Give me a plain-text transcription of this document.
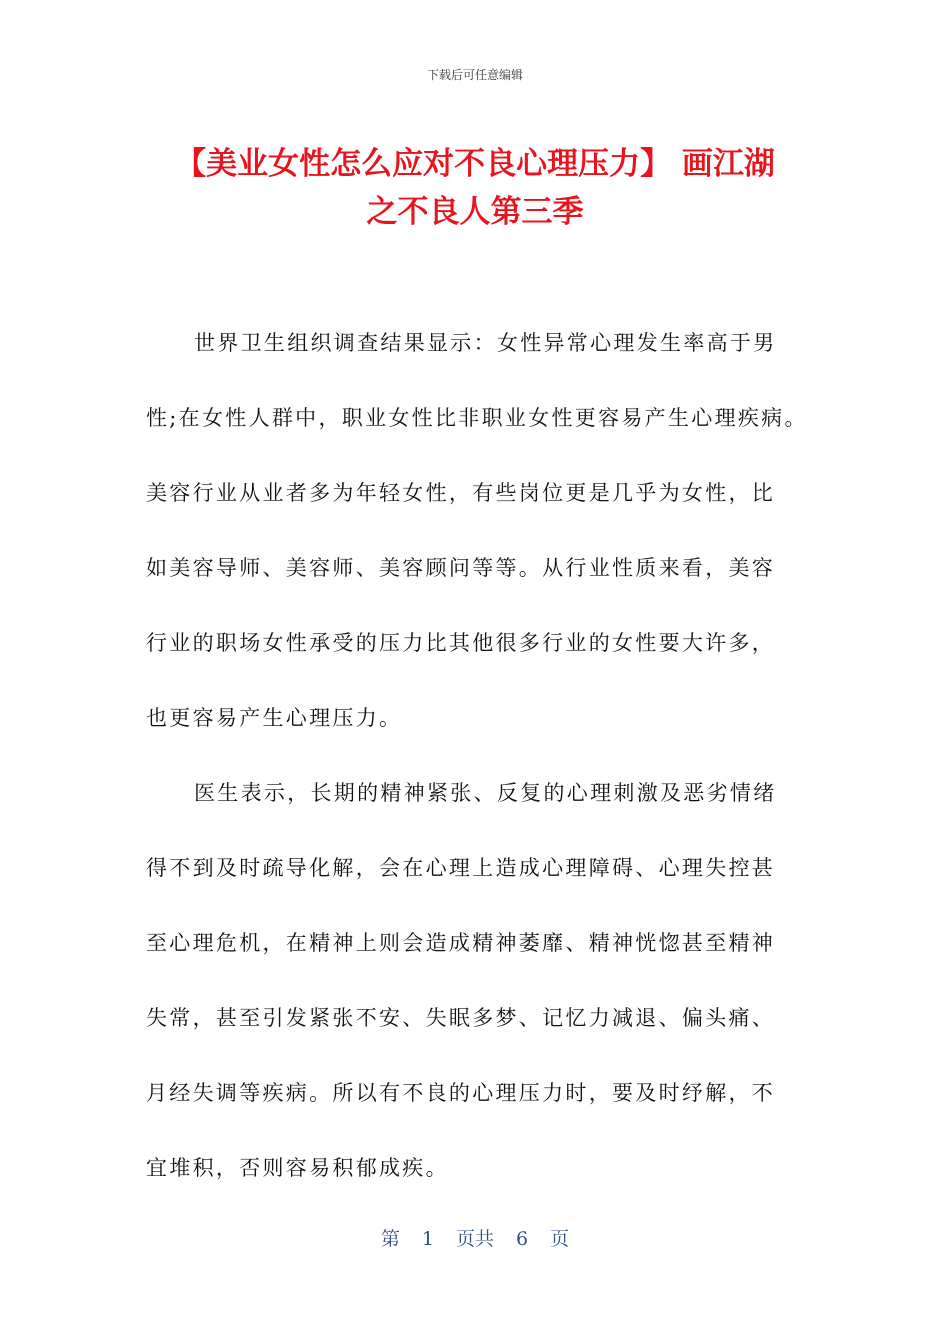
下载后可任意编辑
【美业女性怎么应对不良心理压力】 画江湖
之不良人第三季
世界卫生组织调查结果显示：女性异常心理发生率高于男
性;在女性人群中，职业女性比非职业女性更容易产生心理疾病。
美容行业从业者多为年轻女性，有些岗位更是几乎为女性，比
如美容导师、美容师、美容顾问等等。从行业性质来看，美容
行业的职场女性承受的压力比其他很多行业的女性要大许多，
也更容易产生心理压力。
医生表示，长期的精神紧张、反复的心理刺激及恶劣情绪
得不到及时疏导化解，会在心理上造成心理障碍、心理失控甚
至心理危机，在精神上则会造成精神萎靡、精神恍惚甚至精神
失常，甚至引发紧张不安、失眠多梦、记忆力减退、偏头痛、
月经失调等疾病。所以有不良的心理压力时，要及时纾解，不
宜堆积，否则容易积郁成疾。
第 1 页共 6 页
